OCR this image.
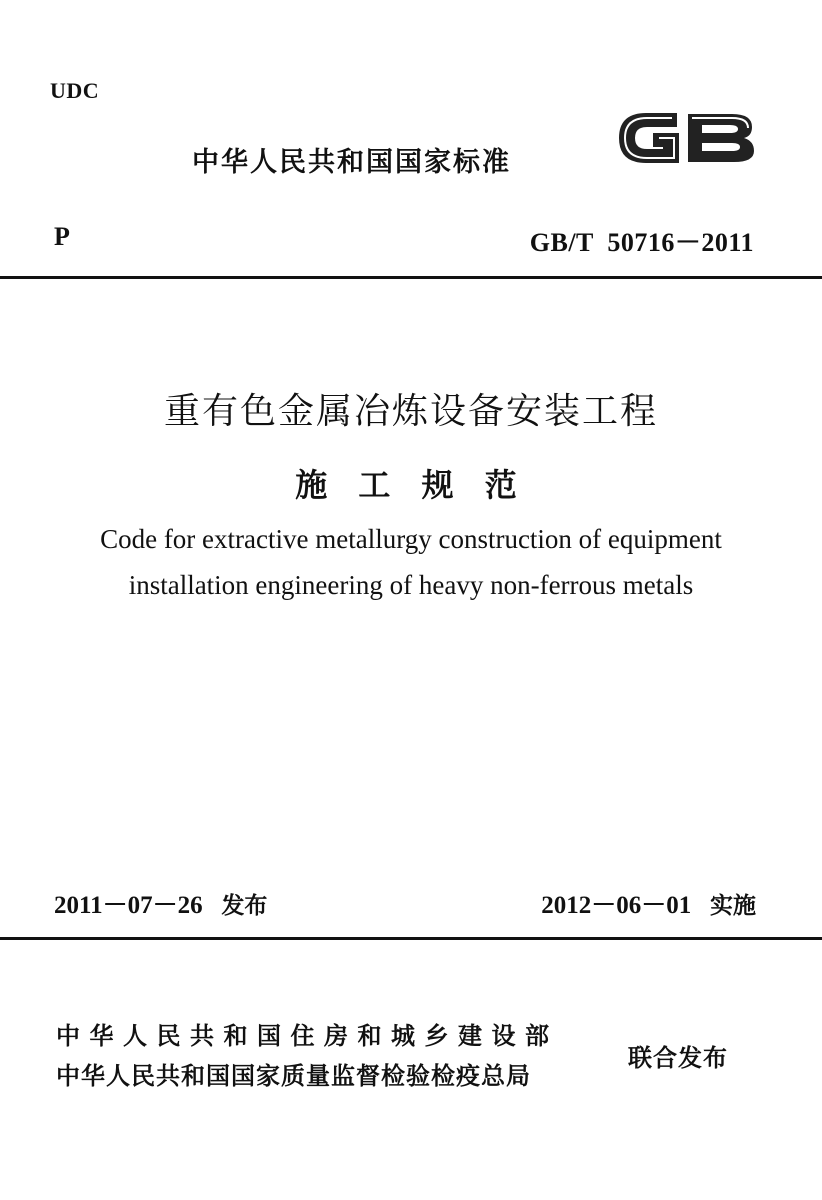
UDC
中华人民共和国国家标准
P	GB/T  50716－2011
重有色金属冶炼设备安装工程
施 工 规 范
Code for extractive metallurgy construction of equipment
installation engineering of heavy non-ferrous metals
2011－07－26 发布	2012－06－01 实施
中华人民共和国住房和城乡建设部
中华人民共和国国家质量监督检验检疫总局
联合发布
